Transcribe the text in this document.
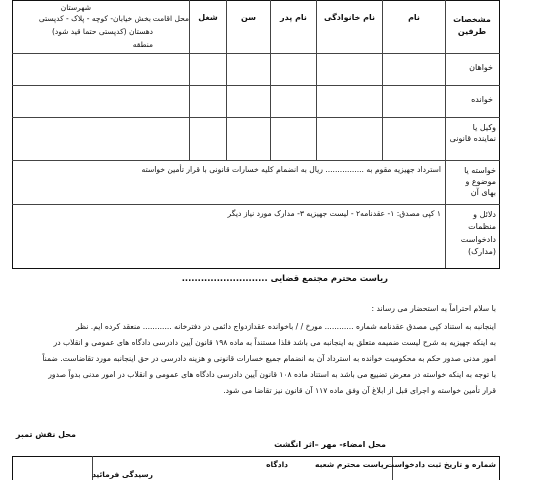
مشخصات طرفین
نام
نام خانوادگی
نام پدر
سن
شغل
شهرستان
محل اقامت
بخش خیابان- کوچه - پلاک - کدپستی
دهستان (کدپستی حتما قید شود)
منطقه
خواهان
خوانده
وکیل یا نماینده قانونی
خواسته یا موضوع و بهای آن
استرداد جهیزیه مقوم به ................ ریال به انضمام کلیه خسارات قانونی با قرار تأمین خواسته
دلائل و منظمات دادخواست (مدارک)
۱ کپی مصدق: ۱- عقدنامه۲ - لیست جهیزیه ۳- مدارک مورد نیاز دیگر
ریاست محترم مجتمع قضایی ...........................
با سلام احتراماً به استحضار می رساند :
اینجانبه به استناد کپی مصدق عقدنامه شماره ............ مورخ / / باخوانده عقدازدواج دائمی در دفترخانه ............ منعقد کرده ایم. نظر
به اینکه جهیزیه به شرح لیست ضمیمه متعلق به اینجانبه می باشد فلذا مستنداً به ماده ۱۹۸ قانون آیین دادرسی دادگاه های عمومی و انقلاب در
امور مدنی صدور حکم به محکومیت خوانده به استرداد آن به انضمام جمیع خسارات قانونی و هزینه دادرسی در حق اینجانبه مورد تقاضاست. ضمناً
با توجه به اینکه خواسته در معرض تضییع می باشد به استناد ماده ۱۰۸ قانون آیین دادرسی دادگاه های عمومی و انقلاب در امور مدنی بدواً صدور
قرار تأمین خواسته و اجرای قبل از ابلاغ آن وفق ماده ۱۱۷ آن قانون نیز تقاضا می شود.
محل امضاء- مهر –اثر انگشت
محل نقش تمبر
شماره و تاریخ ثبت دادخواست
ریاست محترم شعبه
دادگاه
رسیدگی فرمائید
